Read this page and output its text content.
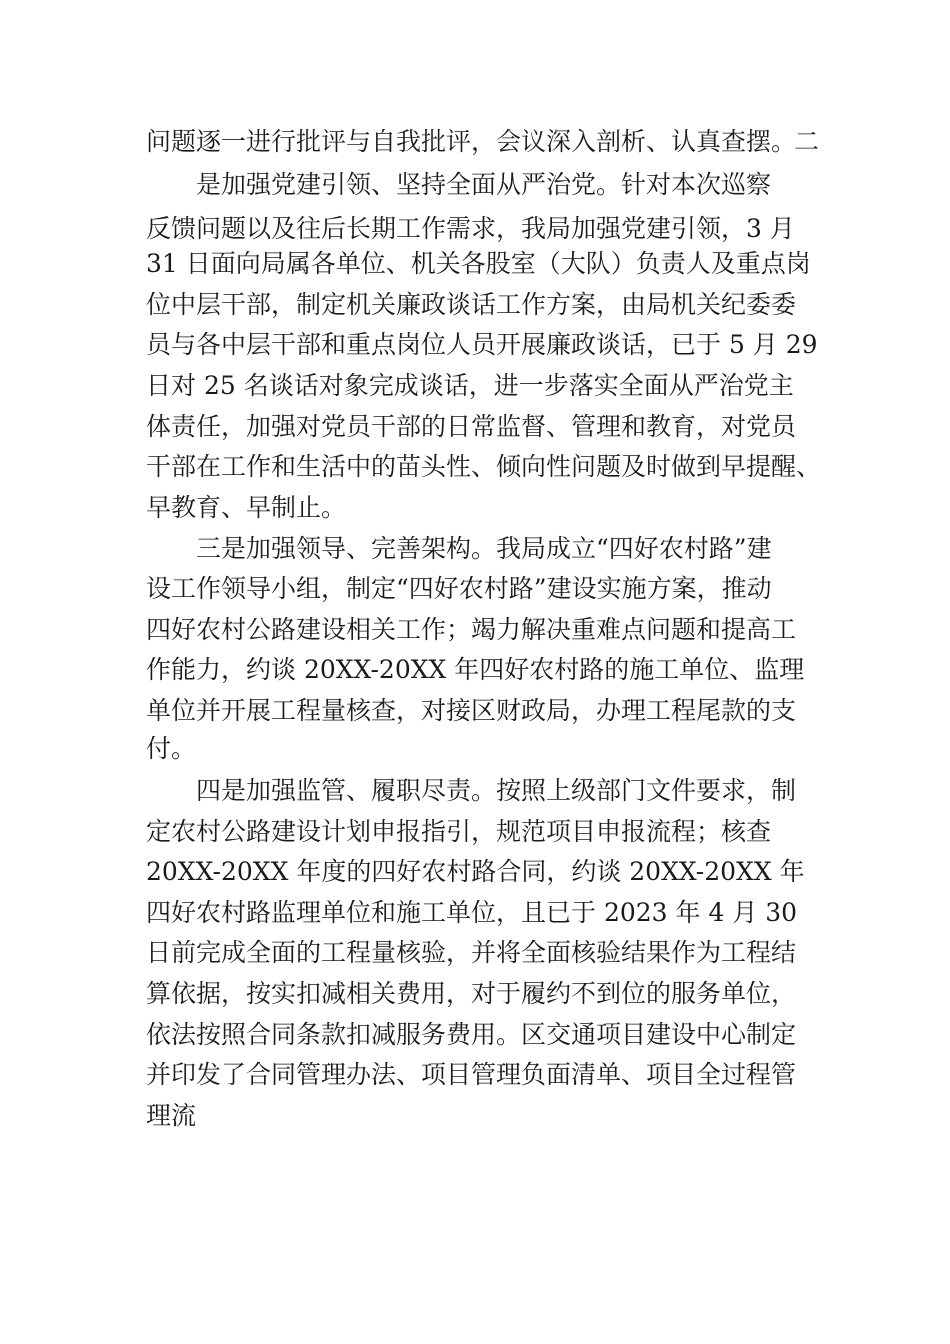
问题逐一进行批评与自我批评，会议深入剖析、认真查摆。
二
是加强党建引领、坚持全面从严治党。针对本次巡察
反馈问题以及往后长期工作需求，我局加强党建引领，3 月
31 日面向局属各单位、机关各股室（大队）负责人及重点岗
位中层干部，制定机关廉政谈话工作方案，由局机关纪委委
员与各中层干部和重点岗位人员开展廉政谈话，已于 5 月 29
日对 25 名谈话对象完成谈话，进一步落实全面从严治党主
体责任，加强对党员干部的日常监督、管理和教育，对党员
干部在工作和生活中的苗头性、倾向性问题及时做到早提醒、
早教育、早制止。
三是加强领导、完善架构。我局成立“四好农村路”建
设工作领导小组，制定“四好农村路”建设实施方案，推动
四好农村公路建设相关工作；竭力解决重难点问题和提高工
作能力，约谈 20XX-20XX 年四好农村路的施工单位、监理
单位并开展工程量核查，对接区财政局，办理工程尾款的支
付。
四是加强监管、履职尽责。按照上级部门文件要求，制
定农村公路建设计划申报指引，规范项目申报流程；核查
20XX-20XX 年度的四好农村路合同，约谈 20XX-20XX 年
四好农村路监理单位和施工单位，且已于 2023 年 4 月 30
日前完成全面的工程量核验，并将全面核验结果作为工程结
算依据，按实扣减相关费用，对于履约不到位的服务单位，
依法按照合同条款扣减服务费用。区交通项目建设中心制定
并印发了合同管理办法、项目管理负面清单、项目全过程管
理流
